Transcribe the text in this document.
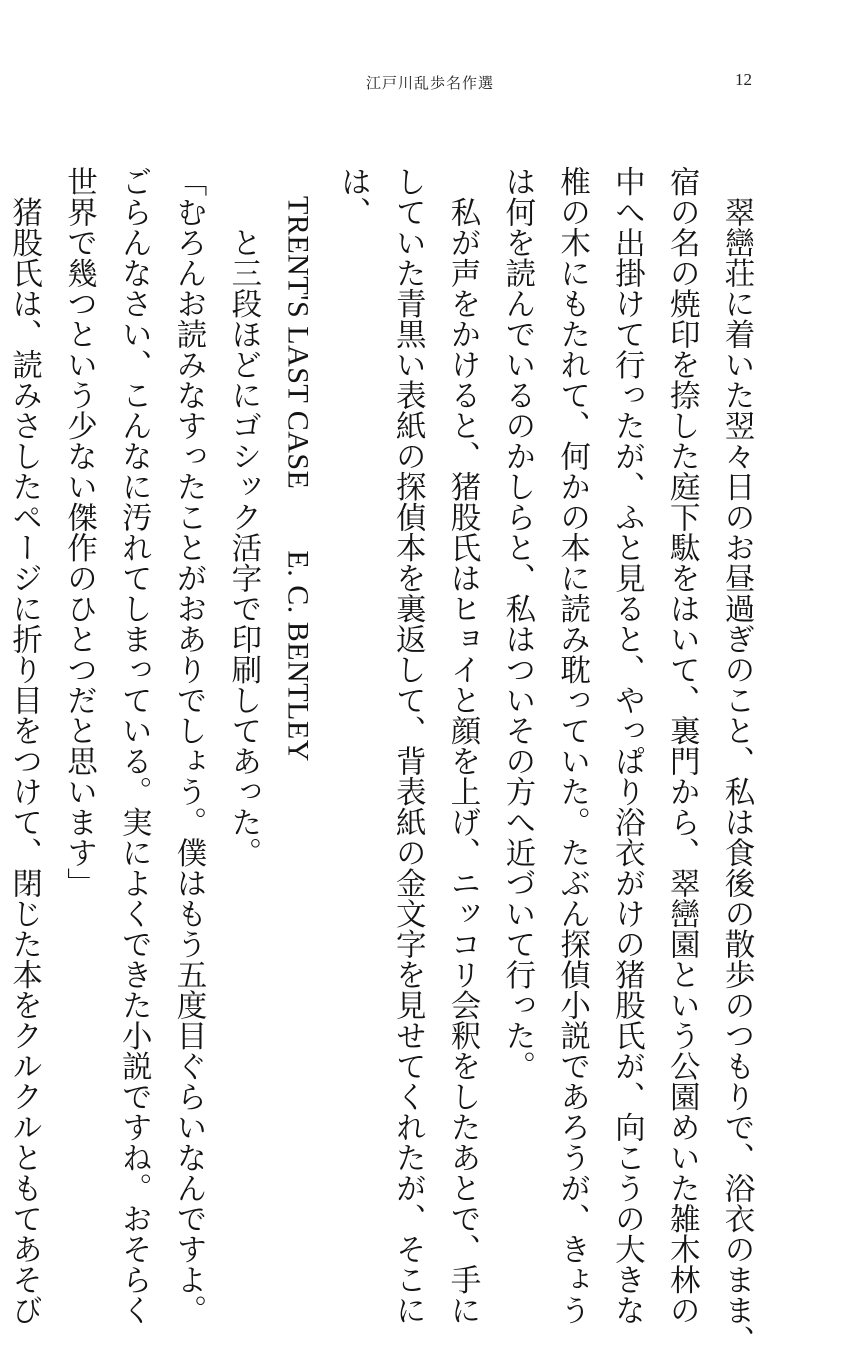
江戸川乱歩名作選	12
　翠巒荘に着いた翌々日のお昼過ぎのこと、私は食後の散歩のつもりで、浴衣のまま、
宿の名の焼印を捺した庭下駄をはいて、裏門から、翠巒園という公園めいた雑木林の
中へ出掛けて行ったが、ふと見ると、やっぱり浴衣がけの猪股氏が、向こうの大きな
椎の木にもたれて、何かの本に読み耽っていた。たぶん探偵小説であろうが、きょう
は何を読んでいるのかしらと、私はついその方へ近づいて行った。
　私が声をかけると、猪股氏はヒョイと顔を上げ、ニッコリ会釈をしたあとで、手に
していた青黒い表紙の探偵本を裏返して、背表紙の金文字を見せてくれたが、そこに
は、
TRENT'S LAST CASE　　E. C. BENTLEY
と三段ほどにゴシック活字で印刷してあった。
「むろんお読みなすったことがおありでしょう。僕はもう五度目ぐらいなんですよ。
ごらんなさい、こんなに汚れてしまっている。実によくできた小説ですね。おそらく
世界で幾つという少ない傑作のひとつだと思います」
　猪股氏は、読みさしたページに折り目をつけて、閉じた本をクルクルともてあそび
